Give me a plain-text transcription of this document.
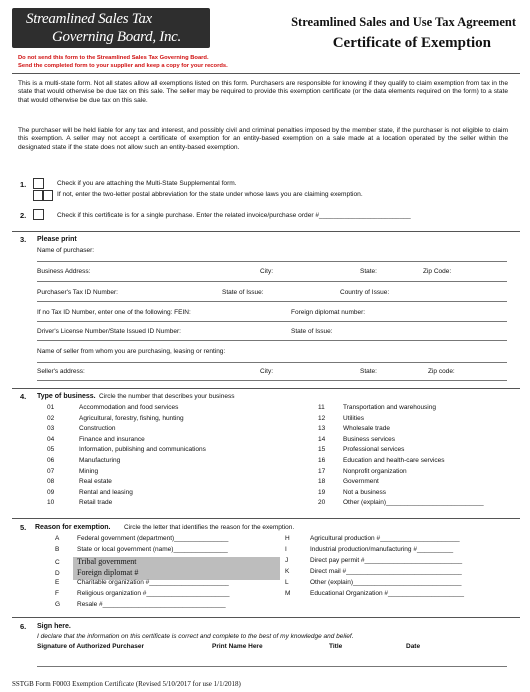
Streamlined Sales Tax
Governing Board, Inc.
Streamlined Sales and Use Tax Agreement
Certificate of Exemption
Do not send this form to the Streamlined Sales Tax Governing Board.
Send the completed form to your supplier and keep a copy for your records.
This is a multi-state form. Not all states allow all exemptions listed on this form. Purchasers are responsible for knowing if they qualify to claim exemption from tax in the state that would otherwise be due tax on this sale. The seller may be required to provide this exemption certificate (or the data elements required on the form) to a state that would otherwise be due tax on this sale.
The purchaser will be held liable for any tax and interest, and possibly civil and criminal penalties imposed by the member state, if the purchaser is not eligible to claim this exemption. A seller may not accept a certificate of exemption for an entity-based exemption on a sale made at a location operated by the seller within the designated state if the state does not allow such an entity-based exemption.
1.	Check if you are attaching the Multi-State Supplemental form.
If not, enter the two-letter postal abbreviation for the state under whose laws you are claiming exemption.
2.	Check if this certificate is for a single purchase. Enter the related invoice/purchase order #_________________________
3. Please print
Name of purchaser:
Business Address:	City:	State:	Zip Code:
Purchaser's Tax ID Number:	State of Issue:	Country of Issue:
If no Tax ID Number, enter one of the following: FEIN:	Foreign diplomat number:
Driver's License Number/State Issued ID Number:	State of Issue:
Name of seller from whom you are purchasing, leasing or renting:
Seller's address:	City:	State:	Zip code:
4. Type of business. Circle the number that describes your business
01	Accommodation and food services
02	Agricultural, forestry, fishing, hunting
03	Construction
04	Finance and insurance
05	Information, publishing and communications
06	Manufacturing
07	Mining
08	Real estate
09	Rental and leasing
10	Retail trade
11	Transportation and warehousing
12	Utilities
13	Wholesale trade
14	Business services
15	Professional services
16	Education and health-care services
17	Nonprofit organization
18	Government
19	Not a business
20	Other (explain)___________________________
5. Reason for exemption. Circle the letter that identifies the reason for the exemption.
A	Federal government (department)_______________
B	State or local government (name)_______________
C Tribal government
D Foreign diplomat #
E	Charitable organization #______________________
F	Religious organization #_______________________
G	Resale #__________________________________
H	Agricultural production #______________________
I	Industrial production/manufacturing #__________
J	Direct pay permit #___________________________
K	Direct mail #________________________________
L	Other (explain)______________________________
M	Educational Organization #_____________________
6. Sign here.
I declare that the information on this certificate is correct and complete to the best of my knowledge and belief.
Signature of Authorized Purchaser	Print Name Here	Title	Date
SSTGB Form F0003 Exemption Certificate (Revised 5/10/2017 for use 1/1/2018)
